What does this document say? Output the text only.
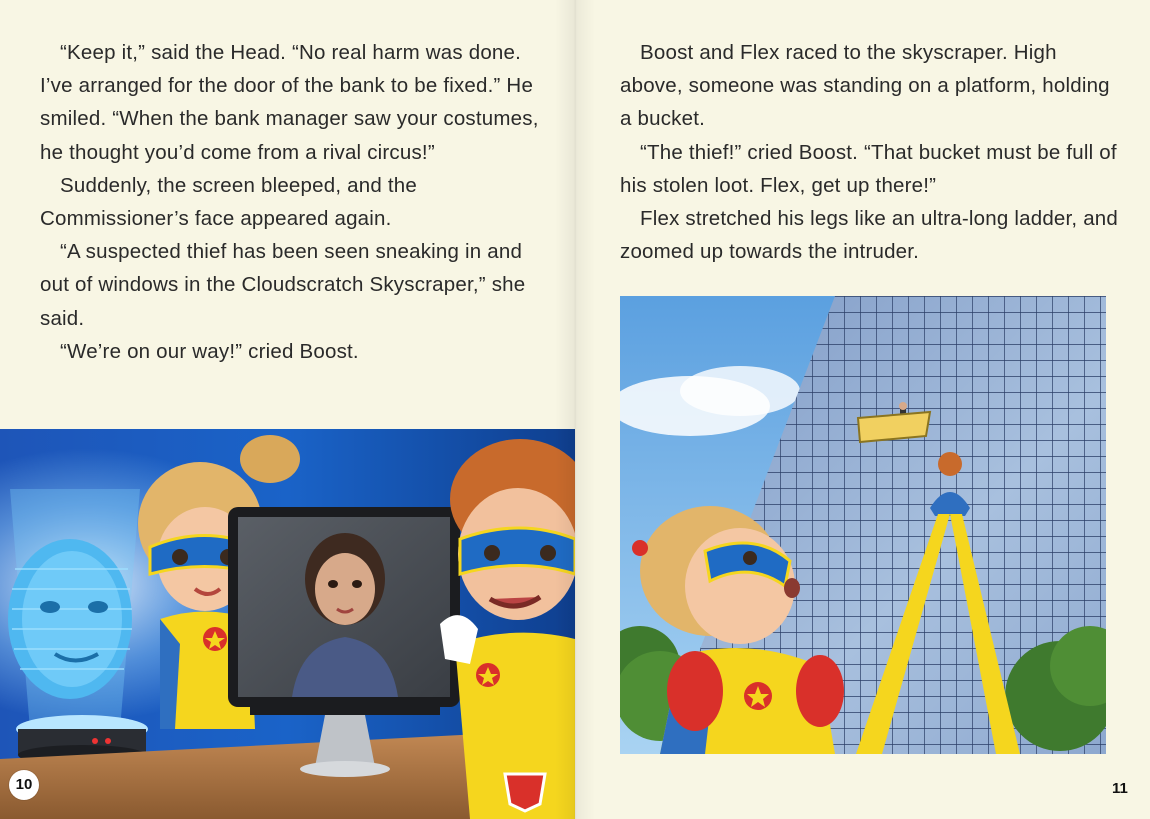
“Keep it,” said the Head. “No real harm was done. I’ve arranged for the door of the bank to be fixed.” He smiled. “When the bank manager saw your costumes, he thought you’d come from a rival circus!”

Suddenly, the screen bleeped, and the Commissioner’s face appeared again.

“A suspected thief has been seen sneaking in and out of windows in the Cloudscratch Skyscraper,” she said.

“We’re on our way!” cried Boost.

10

Boost and Flex raced to the skyscraper. High above, someone was standing on a platform, holding a bucket.

“The thief!” cried Boost. “That bucket must be full of his stolen loot. Flex, get up there!”

Flex stretched his legs like an ultra-long ladder, and zoomed up towards the intruder.

11
